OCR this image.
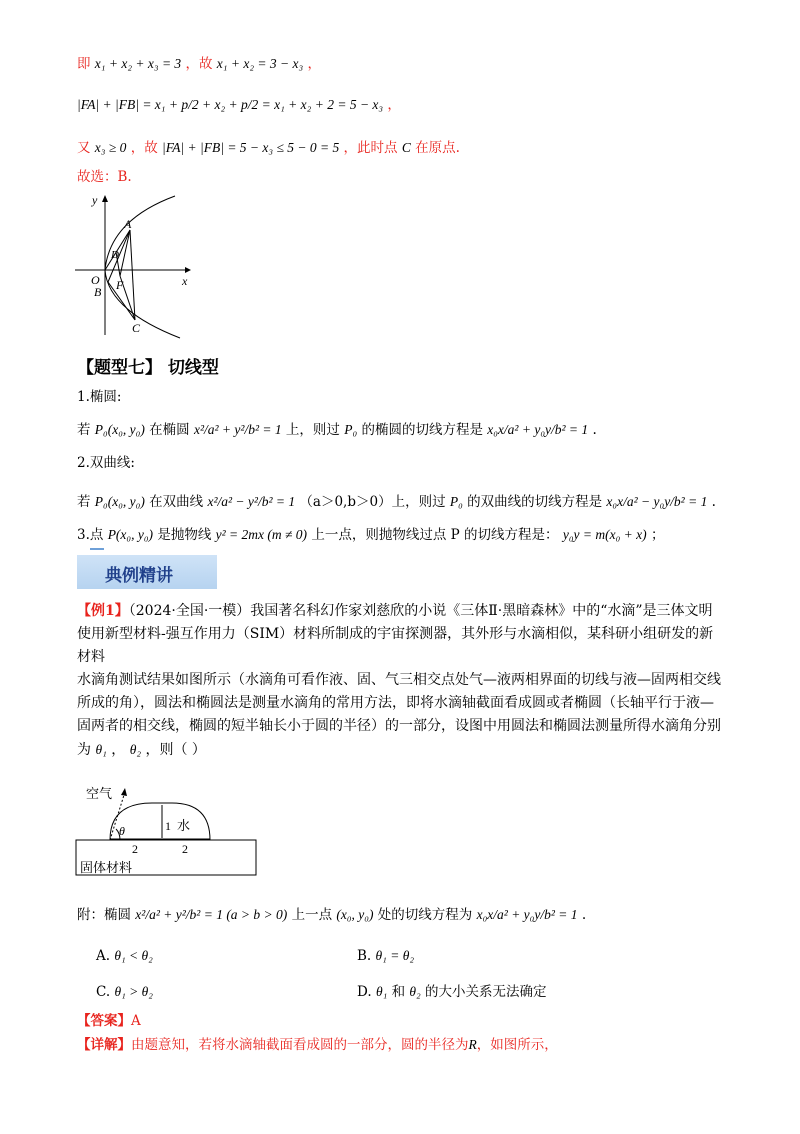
即 x₁ + x₂ + x₃ = 3 ，故 x₁ + x₂ = 3 − x₃ ，
|FA| + |FB| = x₁ + p/2 + x₂ + p/2 = x₁ + x₂ + 2 = 5 − x₃ ，
又 x₃ ≥ 0 ，故 |FA| + |FB| = 5 − x₃ ≤ 5 − 0 = 5 ，此时点 C 在原点.
故选：B.
y
x
A
D
O F
B
C
【题型七】 切线型
1.椭圆:
若 P₀(x₀, y₀) 在椭圆 x²/a² + y²/b² = 1 上，则过 P₀ 的椭圆的切线方程是 x₀x/a² + y₀y/b² = 1 .
2.双曲线:
若 P₀(x₀, y₀) 在双曲线 x²/a² − y²/b² = 1 （a＞0,b＞0）上，则过 P₀ 的双曲线的切线方程是 x₀x/a² − y₀y/b² = 1 .
3.点 P(x₀, y₀) 是抛物线 y² = 2mx (m ≠ 0) 上一点，则抛物线过点 P 的切线方程是： y₀y = m(x₀ + x) ；
典例精讲
【例1】（2024·全国·一模）我国著名科幻作家刘慈欣的小说《三体Ⅱ·黑暗森林》中的“水滴”是三体文明
使用新型材料-强互作用力（SIM）材料所制成的宇宙探测器，其外形与水滴相似，某科研小组研发的新
材料
水滴角测试结果如图所示（水滴角可看作液、固、气三相交点处气—液两相界面的切线与液—固两相交线
所成的角），圆法和椭圆法是测量水滴角的常用方法，即将水滴轴截面看成圆或者椭圆（长轴平行于液—
固两者的相交线，椭圆的短半轴长小于圆的半径）的一部分，设图中用圆法和椭圆法测量所得水滴角分别
为 θ₁ ， θ₂ ，则（ ）
空气
θ	1 水
2	2
固体材料
附：椭圆 x²/a² + y²/b² = 1 (a > b > 0) 上一点 (x₀, y₀) 处的切线方程为 x₀x/a² + y₀y/b² = 1 .
A. θ₁ < θ₂	B. θ₁ = θ₂
C. θ₁ > θ₂	D. θ₁ 和 θ₂ 的大小关系无法确定
【答案】A
【详解】由题意知，若将水滴轴截面看成圆的一部分，圆的半径为R，如图所示，
